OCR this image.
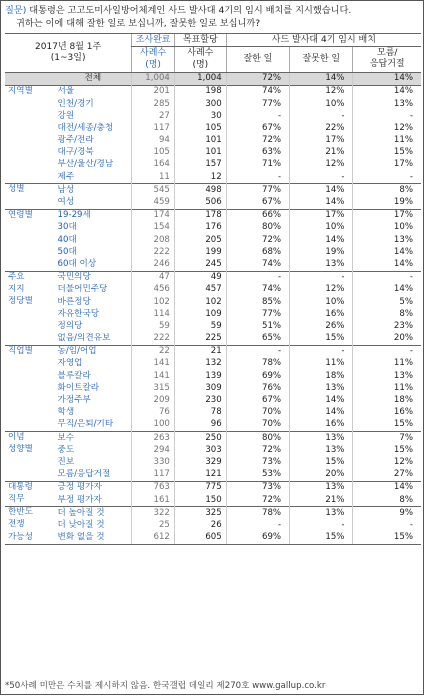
질문) 대통령은 고고도미사일방어체계인 사드 발사대 4기의 임시 배치를 지시했습니다.
귀하는 이에 대해 잘한 일로 보십니까, 잘못한 일로 보십니까?
2017년 8월 1주
(1~3일)		조사완료	목표할당	사드 발사대 4기 임시 배치		
		사례수	사례수	잘한 일	잘못한 일	모름/
응답거절

		(명)	(명)			
	전체	1,004	1,004	72%	14%	14%
지역별	서울	201	198	74%	12%	14%
	인천/경기	285	300	77%	10%	13%
	강원	27	30	-	-	-
	대전/세종/충청	117	105	67%	22%	12%
	광주/전라	94	101	72%	17%	11%
	대구/경북	105	101	63%	21%	15%
	부산/울산/경남	164	157	71%	12%	17%
	제주	11	12	-	-	-
성별	남성	545	498	77%	14%	8%
	여성	459	506	67%	14%	19%
연령별	19-29세	174	178	66%	17%	17%
	30대	154	176	80%	10%	10%
	40대	208	205	72%	14%	13%
	50대	222	199	68%	19%	14%
	60대 이상	246	245	74%	13%	14%
주요	국민의당	47	49	-	-	-
지지	더불어민주당	456	457	74%	12%	14%
정당별	바른정당	102	102	85%	10%	5%
	자유한국당	114	109	77%	16%	8%
	정의당	59	59	51%	26%	23%
	없음/의견유보	222	225	65%	15%	20%
직업별	농/임/어업	22	21	-	-	-
	자영업	141	132	78%	11%	11%
	블루칼라	141	139	69%	18%	13%
	화이트칼라	315	309	76%	13%	11%
	가정주부	209	230	67%	14%	18%
	학생	76	78	70%	14%	16%
	무직/은퇴/기타	100	96	70%	16%	15%
이념	보수	263	250	80%	13%	7%
성향별	중도	294	303	72%	13%	15%
	진보	330	329	73%	15%	12%
	모름/응답거절	117	121	53%	20%	27%
대통령	긍정 평가자	763	775	73%	13%	14%
직무	부정 평가자	161	150	72%	21%	8%
한반도	더 높아질 것	322	325	78%	13%	9%
전쟁	더 낮아질 것	25	26	-	-	-
가능성	변화 없을 것	612	605	69%	15%	15%
*50사례 미만은 수치를 제시하지 않음. 한국갤럽 데일리 제270호 www.gallup.co.kr
